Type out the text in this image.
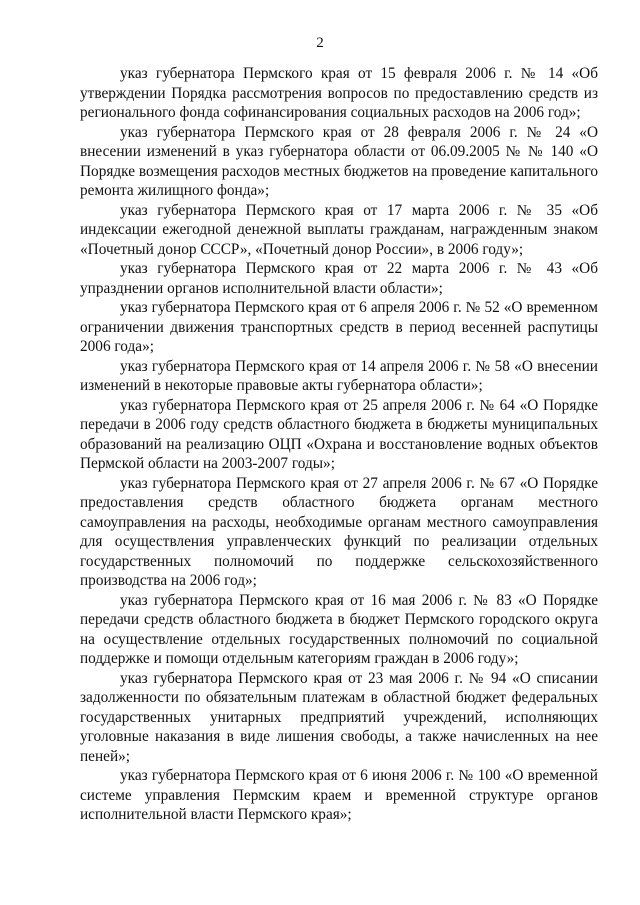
2

указ губернатора Пермского края от 15 февраля 2006 г. № 14 «Об утверждении Порядка рассмотрения вопросов по предоставлению средств из регионального фонда софинансирования социальных расходов на 2006 год»;

указ губернатора Пермского края от 28 февраля 2006 г. № 24 «О внесении изменений в указ губернатора области от 06.09.2005 № № 140 «О Порядке возмещения расходов местных бюджетов на проведение капитального ремонта жилищного фонда»;

указ губернатора Пермского края от 17 марта 2006 г. № 35 «Об индексации ежегодной денежной выплаты гражданам, награжденным знаком «Почетный донор СССР», «Почетный донор России», в 2006 году»;

указ губернатора Пермского края от 22 марта 2006 г. № 43 «Об упразднении органов исполнительной власти области»;

указ губернатора Пермского края от 6 апреля 2006 г. № 52 «О временном ограничении движения транспортных средств в период весенней распутицы 2006 года»;

указ губернатора Пермского края от 14 апреля 2006 г. № 58 «О внесении изменений в некоторые правовые акты губернатора области»;

указ губернатора Пермского края от 25 апреля 2006 г. № 64 «О Порядке передачи в 2006 году средств областного бюджета в бюджеты муниципальных образований на реализацию ОЦП «Охрана и восстановление водных объектов Пермской области на 2003-2007 годы»;

указ губернатора Пермского края от 27 апреля 2006 г. № 67 «О Порядке предоставления средств областного бюджета органам местного самоуправления на расходы, необходимые органам местного самоуправления для осуществления управленческих функций по реализации отдельных государственных полномочий по поддержке сельскохозяйственного производства на 2006 год»;

указ губернатора Пермского края от 16 мая 2006 г. № 83 «О Порядке передачи средств областного бюджета в бюджет Пермского городского округа на осуществление отдельных государственных полномочий по социальной поддержке и помощи отдельным категориям граждан в 2006 году»;

указ губернатора Пермского края от 23 мая 2006 г. № 94 «О списании задолженности по обязательным платежам в областной бюджет федеральных государственных унитарных предприятий учреждений, исполняющих уголовные наказания в виде лишения свободы, а также начисленных на нее пеней»;

указ губернатора Пермского края от 6 июня 2006 г. № 100 «О временной системе управления Пермским краем и временной структуре органов исполнительной власти Пермского края»;
